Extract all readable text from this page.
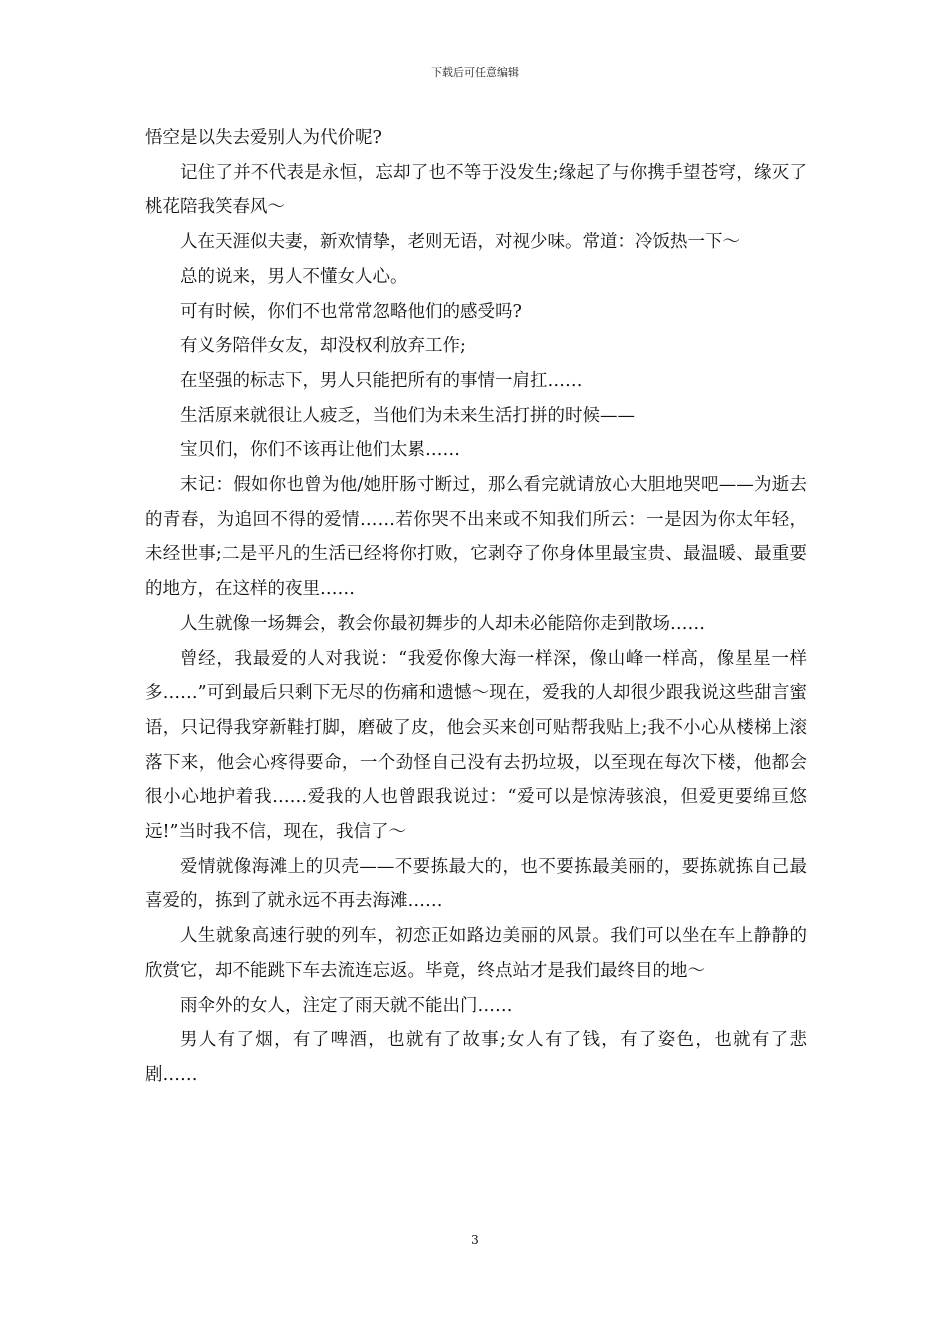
下载后可任意编辑

悟空是以失去爱别人为代价呢?

记住了并不代表是永恒，忘却了也不等于没发生;缘起了与你携手望苍穹，缘灭了桃花陪我笑春风～

人在天涯似夫妻，新欢情挚，老则无语，对视少味。常道：冷饭热一下～

总的说来，男人不懂女人心。

可有时候，你们不也常常忽略他们的感受吗?

有义务陪伴女友，却没权利放弃工作;

在坚强的标志下，男人只能把所有的事情一肩扛……

生活原来就很让人疲乏，当他们为未来生活打拼的时候——

宝贝们，你们不该再让他们太累……

末记：假如你也曾为他/她肝肠寸断过，那么看完就请放心大胆地哭吧——为逝去的青春，为追回不得的爱情……若你哭不出来或不知我们所云：一是因为你太年轻，未经世事;二是平凡的生活已经将你打败，它剥夺了你身体里最宝贵、最温暖、最重要的地方，在这样的夜里……

人生就像一场舞会，教会你最初舞步的人却未必能陪你走到散场……

曾经，我最爱的人对我说：“我爱你像大海一样深，像山峰一样高，像星星一样多……”可到最后只剩下无尽的伤痛和遗憾～现在，爱我的人却很少跟我说这些甜言蜜语，只记得我穿新鞋打脚，磨破了皮，他会买来创可贴帮我贴上;我不小心从楼梯上滚落下来，他会心疼得要命，一个劲怪自己没有去扔垃圾，以至现在每次下楼，他都会很小心地护着我……爱我的人也曾跟我说过：“爱可以是惊涛骇浪，但爱更要绵亘悠远!”当时我不信，现在，我信了～

爱情就像海滩上的贝壳——不要拣最大的，也不要拣最美丽的，要拣就拣自己最喜爱的，拣到了就永远不再去海滩……

人生就象高速行驶的列车，初恋正如路边美丽的风景。我们可以坐在车上静静的欣赏它，却不能跳下车去流连忘返。毕竟，终点站才是我们最终目的地～

雨伞外的女人，注定了雨天就不能出门……

男人有了烟，有了啤酒，也就有了故事;女人有了钱，有了姿色，也就有了悲剧……

3
